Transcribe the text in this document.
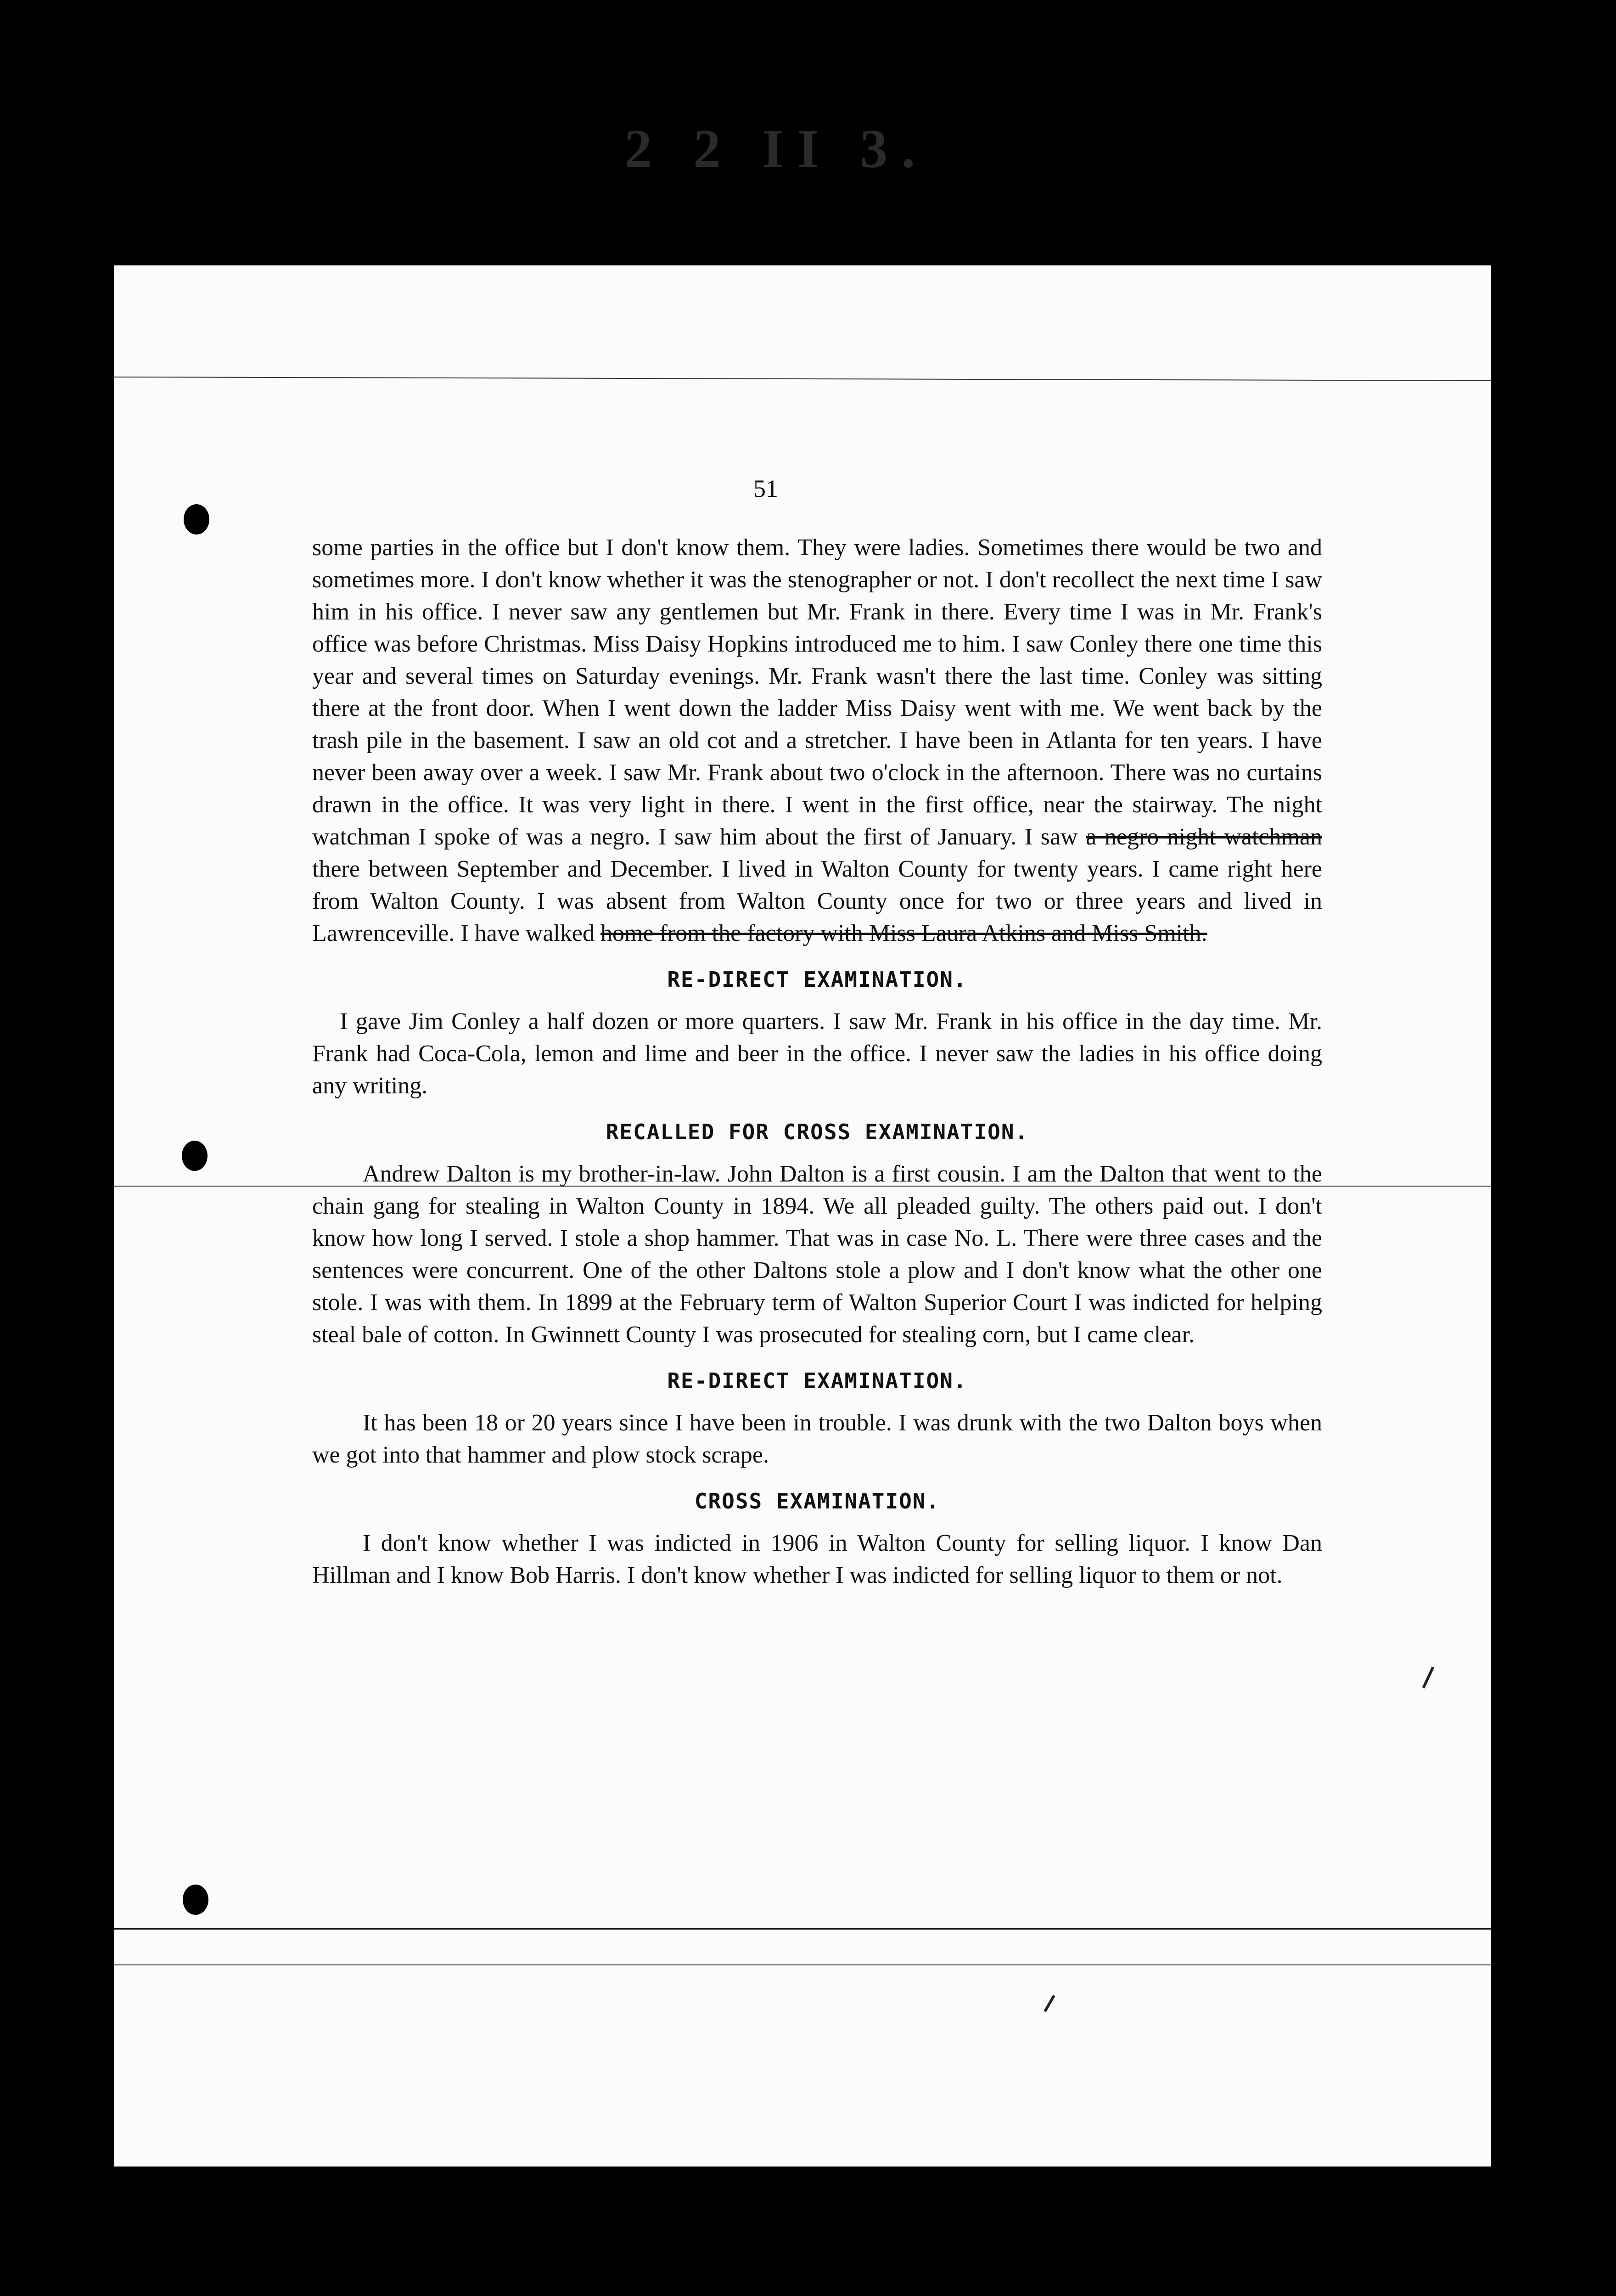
2 2 II 3.
51

some parties in the office but I don't know them. They were ladies. Sometimes there would be two and sometimes more. I don't know whether it was the stenographer or not. I don't recollect the next time I saw him in his office. I never saw any gentlemen but Mr. Frank in there. Every time I was in Mr. Frank's office was before Christmas. Miss Daisy Hopkins introduced me to him. I saw Conley there one time this year and several times on Saturday evenings. Mr. Frank wasn't there the last time. Conley was sitting there at the front door. When I went down the ladder Miss Daisy went with me. We went back by the trash pile in the basement. I saw an old cot and a stretcher. I have been in Atlanta for ten years. I have never been away over a week. I saw Mr. Frank about two o'clock in the afternoon. There was no curtains drawn in the office. It was very light in there. I went in the first office, near the stairway. The night watchman I spoke of was a negro. I saw him about the first of January. I saw a negro night watchman there between September and December. I lived in Walton County for twenty years. I came right here from Walton County. I was absent from Walton County once for two or three years and lived in Lawrenceville. I have walked home from the factory with Miss Laura Atkins and Miss Smith.

RE-DIRECT EXAMINATION.

I gave Jim Conley a half dozen or more quarters. I saw Mr. Frank in his office in the day time. Mr. Frank had Coca-Cola, lemon and lime and beer in the office. I never saw the ladies in his office doing any writing.

RECALLED FOR CROSS EXAMINATION.

Andrew Dalton is my brother-in-law. John Dalton is a first cousin. I am the Dalton that went to the chain gang for stealing in Walton County in 1894. We all pleaded guilty. The others paid out. I don't know how long I served. I stole a shop hammer. That was in case No. L. There were three cases and the sentences were concurrent. One of the other Daltons stole a plow and I don't know what the other one stole. I was with them. In 1899 at the February term of Walton Superior Court I was indicted for helping steal bale of cotton. In Gwinnett County I was prosecuted for stealing corn, but I came clear.

RE-DIRECT EXAMINATION.

It has been 18 or 20 years since I have been in trouble. I was drunk with the two Dalton boys when we got into that hammer and plow stock scrape.

CROSS EXAMINATION.

I don't know whether I was indicted in 1906 in Walton County for selling liquor. I know Dan Hillman and I know Bob Harris. I don't know whether I was indicted for selling liquor to them or not.
